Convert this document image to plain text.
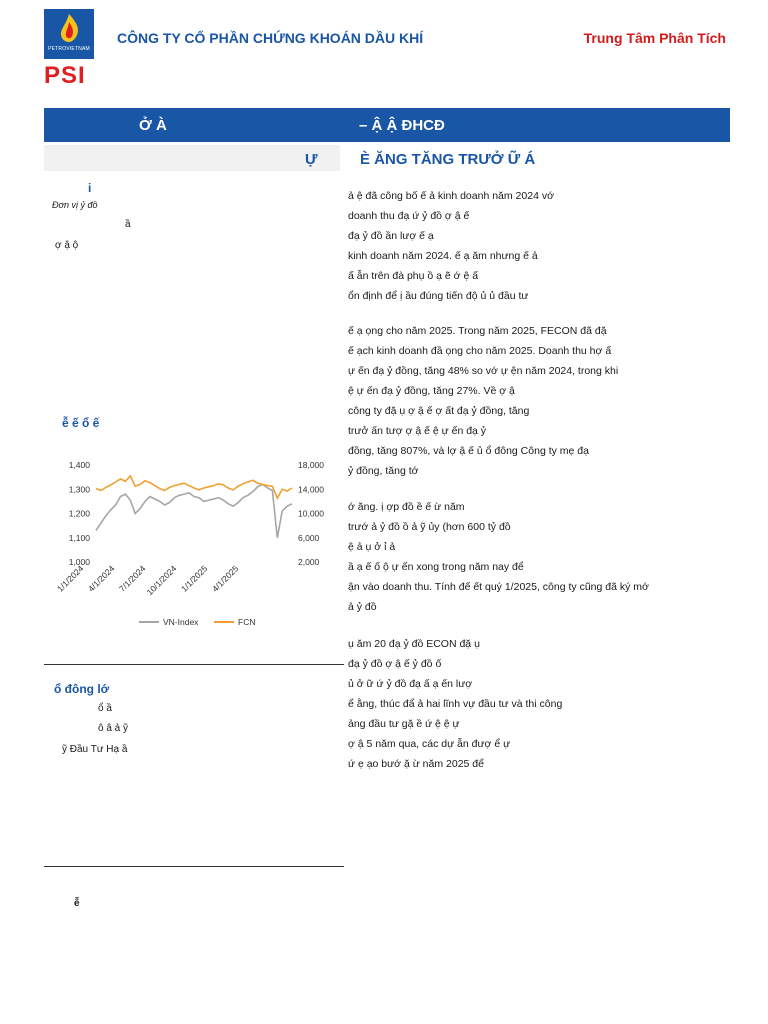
PETROVIETNAM
PSI
CÔNG TY CỔ PHẦN CHỨNG KHOÁN DẦU KHÍ	Trung Tâm Phân Tích
Ở À	– Ậ Ậ ĐHCĐ
Ự	È ĂNG TĂNG TRƯỞ Ữ Á
i
Đơn vị ỷ đồ
ầ
ợ ậ ộ
ễ ế ổ ế
1,000
1,100
1,200
1,300
1,400
2,000
6,000
10,000
14,000
18,000
1/1/2024 4/1/2024 7/1/2024
10/1/2024 1/1/2025 4/1/2025
VN-Index	FCN
ổ đông lớ
ổ ầ
ô â ả ỹ
ỹ Đầu Tư Hạ ầ
ễ
ả ệ đã công bố ế ả kinh doanh năm 2024 vớ
doanh thu đạ ứ ỷ đồ ợ ậ ế
đạ ỷ đồ ần lượ ế ạ
kinh doanh năm 2024. ế ạ ăm nhưng ế ả
ấ ẫn trên đà phụ ồ ạ ẽ ớ ệ ấ
ổn định để ị ầu đúng tiến độ ủ ủ đầu tư
ế ạ ọng cho năm 2025. Trong năm 2025, FECON đã đặ
ế ạch kinh doanh đầ ọng cho năm 2025. Doanh thu hợ ấ
ự ến đạ ỷ đồng, tăng 48% so vớ ự ện năm 2024, trong khi
ệ ự ến đạ ỷ đồng, tăng 27%. Về ợ ậ
công ty đặ ụ ợ ậ ế ợ ất đạ ỷ đồng, tăng
trưở ấn tượ ợ ậ ế ệ ự ến đạ ỷ
đồng, tăng 807%, và lợ ậ ế ủ ổ đông Công ty mẹ đạ
ỷ đồng, tăng tớ
ớ ăng. ị ợp đồ ề ế ừ năm
trướ ả ỷ đồ ồ ả ỹ ủy (hơn 600 tỷ đồ
ệ ả ụ ở ỉ ả
ầ ạ ế ố ộ ự ến xong trong năm nay để
ận vào doanh thu. Tính đế ết quý 1/2025, công ty cũng đã ký mớ
ả ỷ đồ
ụ ăm 20 đạ ỷ đồ ECON đặ ụ
đạ ỷ đồ ợ ậ ế ỷ đồ ố
ủ ở ữ ứ ỷ đồ đạ ấ ạ ến lượ
ể ằng, thúc đẩ ả hai lĩnh vự đầu tư và thi công
ảng đầu tư gặ ề ứ ệ ệ ự
ợ ậ 5 năm qua, các dự ẫn đượ ể ự
ứ ẹ ạo bướ ặ ừ năm 2025 để
